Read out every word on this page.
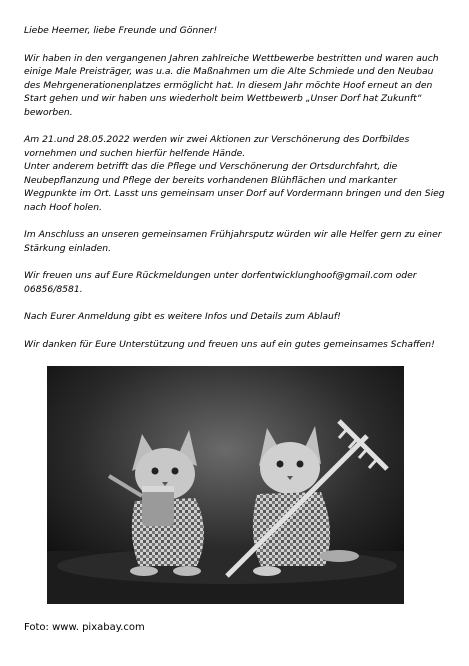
Liebe Heemer, liebe Freunde und Gönner!

Wir haben in den vergangenen Jahren zahlreiche Wettbewerbe bestritten und waren auch einige Male Preisträger, was u.a. die Maßnahmen um die Alte Schmiede und den Neubau des Mehrgenerationenplatzes ermöglicht hat. In diesem Jahr möchte Hoof erneut an den Start gehen und wir haben uns wiederholt beim Wettbewerb „Unser Dorf hat Zukunft“ beworben.

Am 21.und 28.05.2022 werden wir zwei Aktionen zur Verschönerung des Dorfbildes vornehmen und suchen hierfür helfende Hände.

Unter anderem betrifft das die Pflege und Verschönerung der Ortsdurchfahrt, die Neubepflanzung und Pflege der bereits vorhandenen Blühflächen und markanter Wegpunkte im Ort. Lasst uns gemeinsam unser Dorf auf Vordermann bringen und den Sieg nach Hoof holen.

Im Anschluss an unseren gemeinsamen Frühjahrsputz würden wir alle Helfer gern zu einer Stärkung einladen.

Wir freuen uns auf Eure Rückmeldungen unter dorfentwicklunghoof@gmail.com oder 06856/8581.

Nach Eurer Anmeldung gibt es weitere Infos und Details zum Ablauf!

Wir danken für Eure Unterstützung und freuen uns auf ein gutes gemeinsames Schaffen!

Foto: www. pixabay.com
